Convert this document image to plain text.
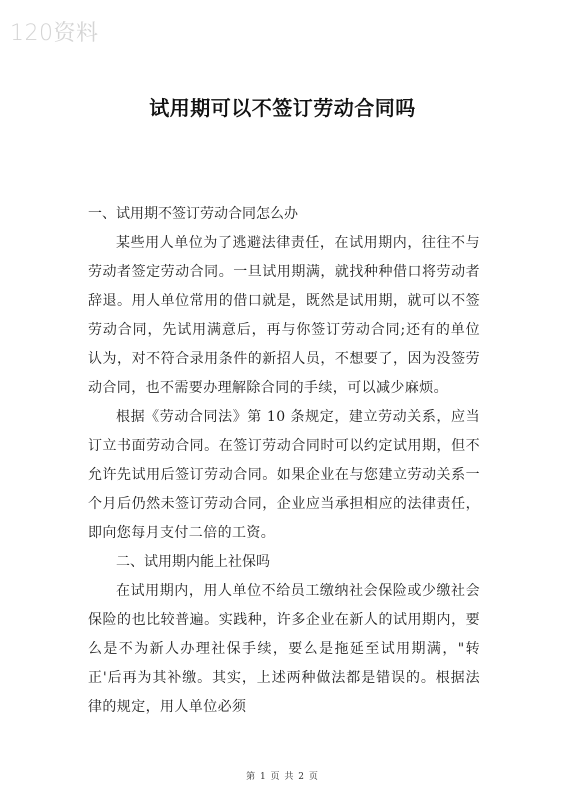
120资料
试用期可以不签订劳动合同吗

一、试用期不签订劳动合同怎么办

某些用人单位为了逃避法律责任，在试用期内，往往不与劳动者签定劳动合同。一旦试用期满，就找种种借口将劳动者辞退。用人单位常用的借口就是，既然是试用期，就可以不签劳动合同，先试用满意后，再与你签订劳动合同;还有的单位认为，对不符合录用条件的新招人员，不想要了，因为没签劳动合同，也不需要办理解除合同的手续，可以减少麻烦。

根据《劳动合同法》第 10 条规定，建立劳动关系，应当订立书面劳动合同。在签订劳动合同时可以约定试用期，但不允许先试用后签订劳动合同。如果企业在与您建立劳动关系一个月后仍然未签订劳动合同，企业应当承担相应的法律责任，即向您每月支付二倍的工资。

二、试用期内能上社保吗

在试用期内，用人单位不给员工缴纳社会保险或少缴社会保险的也比较普遍。实践种，许多企业在新人的试用期内，要么是不为新人办理社保手续，要么是拖延至试用期满，"转正'后再为其补缴。其实，上述两种做法都是错误的。根据法律的规定，用人单位必须

第 1 页 共 2 页
